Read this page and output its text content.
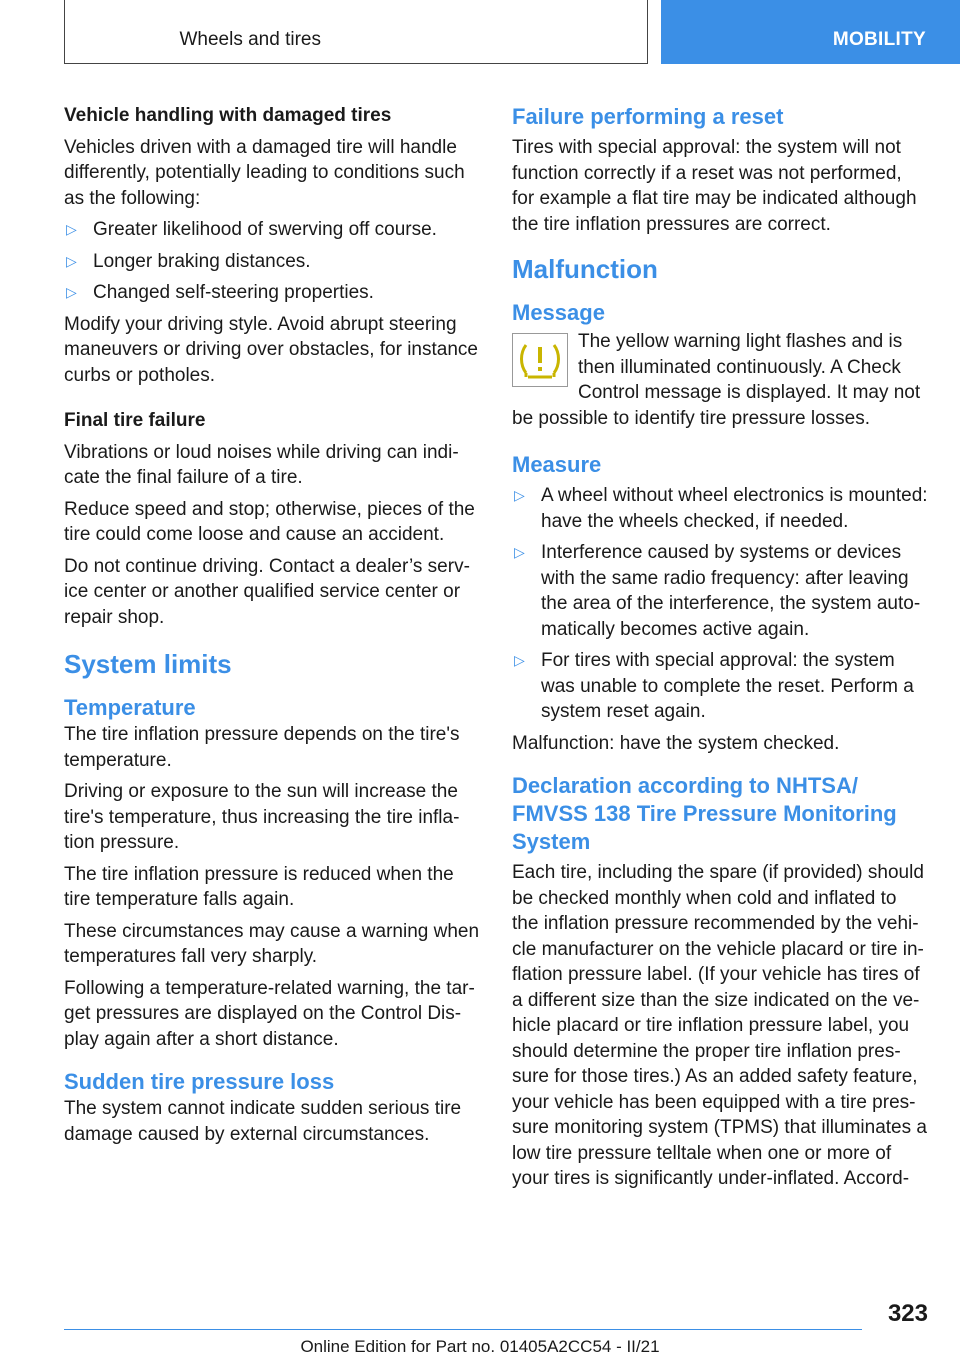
Wheels and tires	MOBILITY
Vehicle handling with damaged tires

Vehicles driven with a damaged tire will handle differently, potentially leading to conditions such as the following:

▷ Greater likelihood of swerving off course.
▷ Longer braking distances.
▷ Changed self-steering properties.

Modify your driving style. Avoid abrupt steering maneuvers or driving over obstacles, for instance curbs or potholes.

Final tire failure

Vibrations or loud noises while driving can indi- cate the final failure of a tire.

Reduce speed and stop; otherwise, pieces of the tire could come loose and cause an accident.

Do not continue driving. Contact a dealer’s serv- ice center or another qualified service center or repair shop.

System limits
Temperature

The tire inflation pressure depends on the tire's temperature.

Driving or exposure to the sun will increase the tire's temperature, thus increasing the tire infla- tion pressure.

The tire inflation pressure is reduced when the tire temperature falls again.

These circumstances may cause a warning when temperatures fall very sharply.

Following a temperature-related warning, the tar- get pressures are displayed on the Control Dis- play again after a short distance.

Sudden tire pressure loss

The system cannot indicate sudden serious tire damage caused by external circumstances.

Failure performing a reset

Tires with special approval: the system will not function correctly if a reset was not performed, for example a flat tire may be indicated although the tire inflation pressures are correct.

Malfunction
Message

The yellow warning light flashes and is then illuminated continuously. A Check Control message is displayed. It may not be possible to identify tire pressure losses.

Measure
▷ A wheel without wheel electronics is mounted: have the wheels checked, if needed.
▷ Interference caused by systems or devices with the same radio frequency: after leaving the area of the interference, the system auto- matically becomes active again.
▷ For tires with special approval: the system was unable to complete the reset. Perform a system reset again.

Malfunction: have the system checked.

Declaration according to NHTSA/ FMVSS 138 Tire Pressure Monitoring System

Each tire, including the spare (if provided) should be checked monthly when cold and inflated to the inflation pressure recommended by the vehi- cle manufacturer on the vehicle placard or tire in- flation pressure label. (If your vehicle has tires of a different size than the size indicated on the ve- hicle placard or tire inflation pressure label, you should determine the proper tire inflation pres- sure for those tires.) As an added safety feature, your vehicle has been equipped with a tire pres- sure monitoring system (TPMS) that illuminates a low tire pressure telltale when one or more of your tires is significantly under-inflated. Accord-

323
Online Edition for Part no. 01405A2CC54 - II/21
